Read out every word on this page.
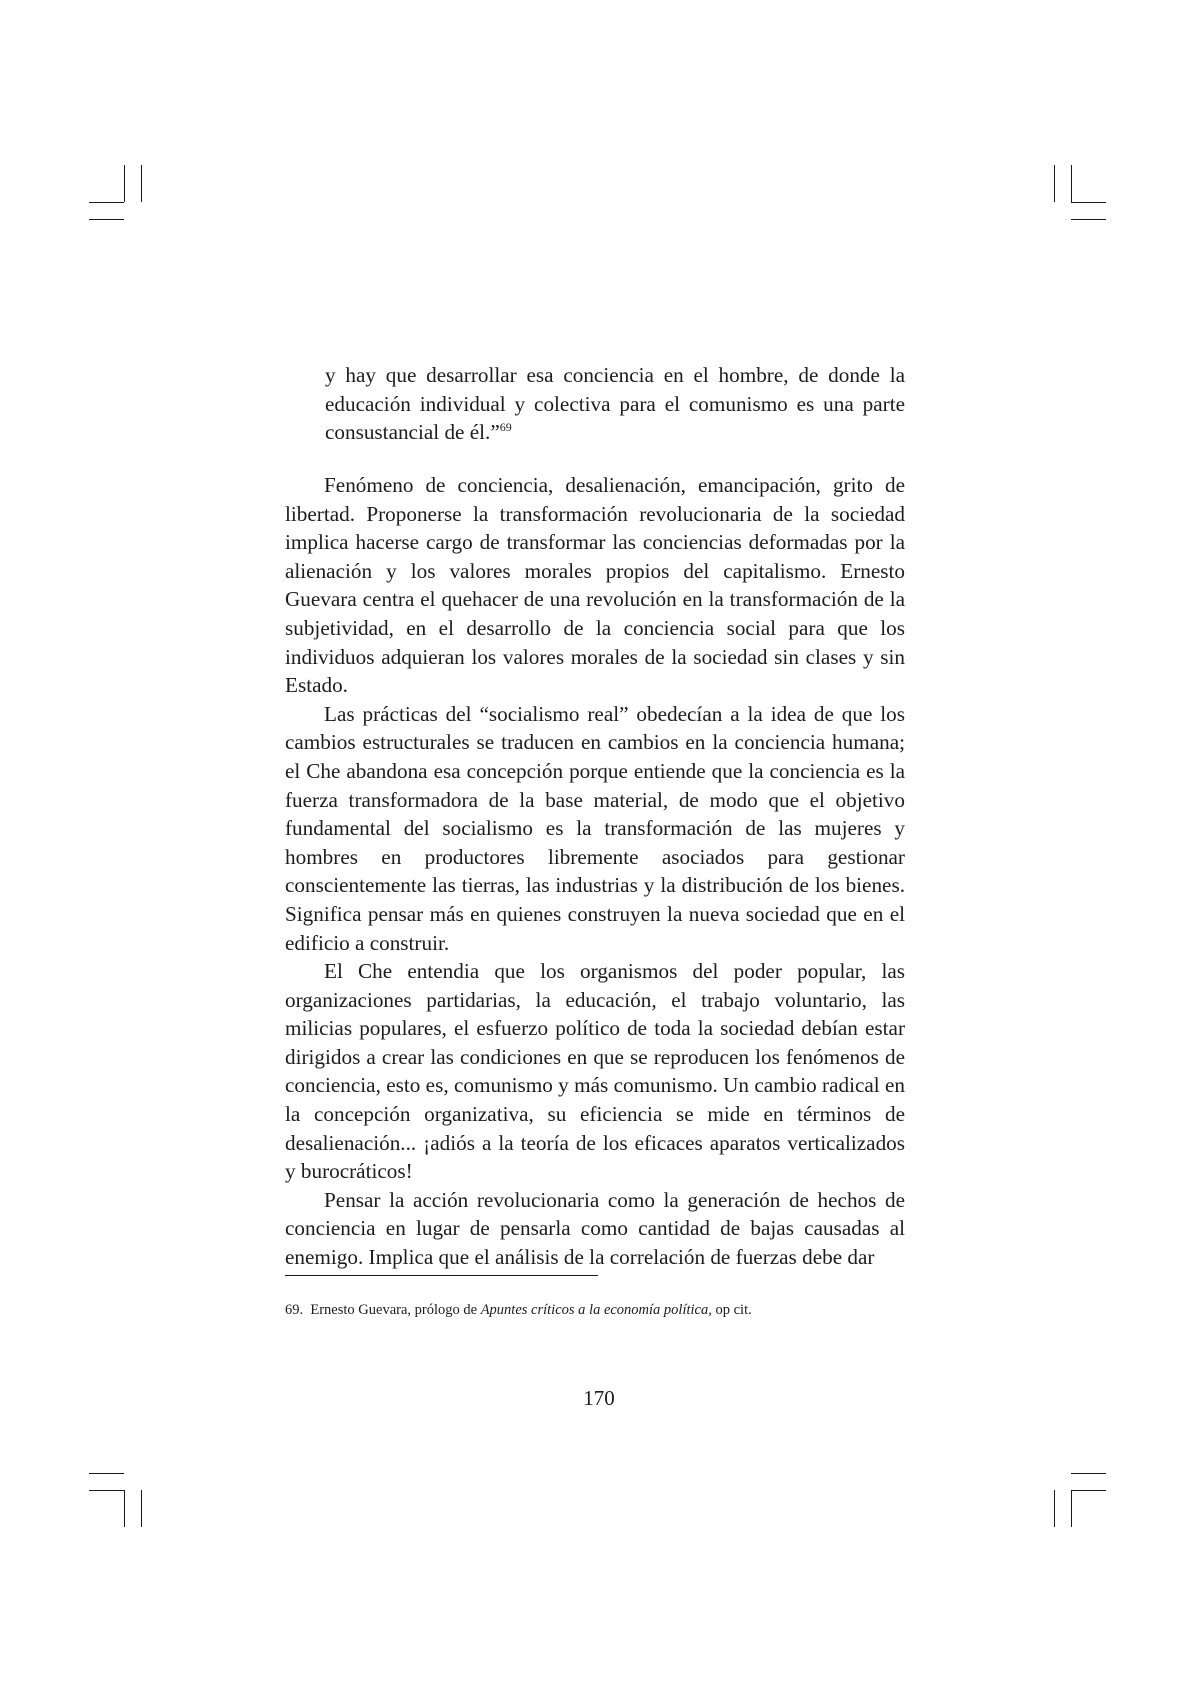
y hay que desarrollar esa conciencia en el hombre, de donde la educación individual y colectiva para el comunismo es una parte consustancial de él.”$^{69}$

Fenómeno de conciencia, desalienación, emancipación, grito de libertad. Proponerse la transformación revolucionaria de la sociedad implica hacerse cargo de transformar las conciencias deformadas por la alienación y los valores morales propios del capitalismo. Ernesto Guevara centra el quehacer de una revolución en la transformación de la subjetividad, en el desarrollo de la conciencia social para que los individuos adquieran los valores morales de la sociedad sin clases y sin Estado.

Las prácticas del “socialismo real” obedecían a la idea de que los cambios estructurales se traducen en cambios en la conciencia humana; el Che abandona esa concepción porque entiende que la conciencia es la fuerza transformadora de la base material, de modo que el objetivo fundamental del socialismo es la transformación de las mujeres y hombres en productores libremente asociados para gestionar conscientemente las tierras, las industrias y la distribución de los bienes. Significa pensar más en quienes construyen la nueva sociedad que en el edificio a construir.

El Che entendia que los organismos del poder popular, las organizaciones partidarias, la educación, el trabajo voluntario, las milicias populares, el esfuerzo político de toda la sociedad debían estar dirigidos a crear las condiciones en que se reproducen los fenómenos de conciencia, esto es, comunismo y más comunismo. Un cambio radical en la concepción organizativa, su eficiencia se mide en términos de desalienación... ¡adiós a la teoría de los eficaces aparatos verticalizados y burocráticos!

Pensar la acción revolucionaria como la generación de hechos de conciencia en lugar de pensarla como cantidad de bajas causadas al enemigo. Implica que el análisis de la correlación de fuerzas debe dar

69. Ernesto Guevara, prólogo de Apuntes críticos a la economía política, op cit.
170
